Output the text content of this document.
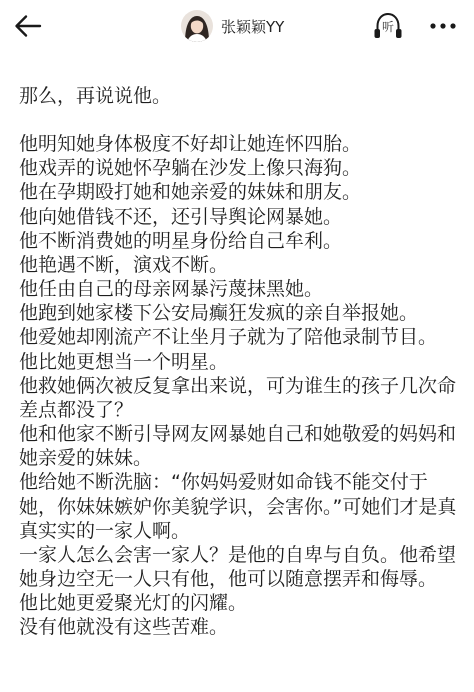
张颖颖YY	听

那么，再说说他。

他明知她身体极度不好却让她连怀四胎。

他戏弄的说她怀孕躺在沙发上像只海狗。

他在孕期殴打她和她亲爱的妹妹和朋友。

他向她借钱不还，还引导舆论网暴她。

他不断消费她的明星身份给自己牟利。

他艳遇不断，演戏不断。

他任由自己的母亲网暴污蔑抹黑她。

他跑到她家楼下公安局癫狂发疯的亲自举报她。

他爱她却刚流产不让坐月子就为了陪他录制节目。

他比她更想当一个明星。

他救她俩次被反复拿出来说，可为谁生的孩子几次命差点都没了？

他和他家不断引导网友网暴她自己和她敬爱的妈妈和她亲爱的妹妹。

他给她不断洗脑：“你妈妈爱财如命钱不能交付于她，你妹妹嫉妒你美貌学识，会害你。”可她们才是真真实实的一家人啊。

一家人怎么会害一家人？是他的自卑与自负。他希望她身边空无一人只有他，他可以随意摆弄和侮辱。

他比她更爱聚光灯的闪耀。

没有他就没有这些苦难。
